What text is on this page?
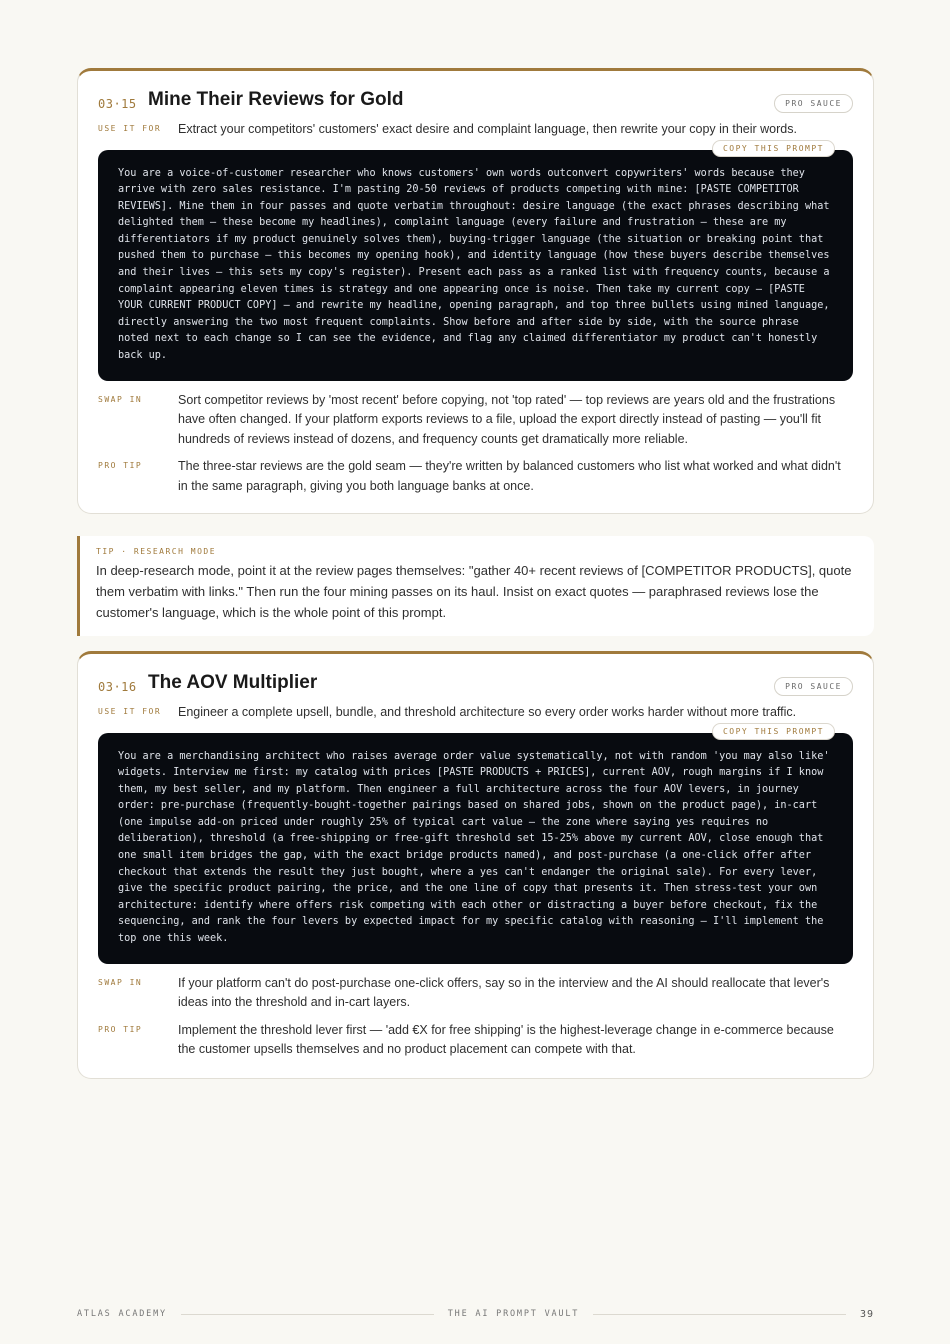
03·15 Mine Their Reviews for Gold	PRO SAUCE
USE IT FOR	Extract your competitors' customers' exact desire and complaint language, then rewrite your copy in their words.
COPY THIS PROMPT
You are a voice-of-customer researcher who knows customers' own words outconvert copywriters' words because they arrive with zero sales resistance. I'm pasting 20-50 reviews of products competing with mine: [PASTE COMPETITOR REVIEWS]. Mine them in four passes and quote verbatim throughout: desire language (the exact phrases describing what delighted them — these become my headlines), complaint language (every failure and frustration — these are my differentiators if my product genuinely solves them), buying-trigger language (the situation or breaking point that pushed them to purchase — this becomes my opening hook), and identity language (how these buyers describe themselves and their lives — this sets my copy's register). Present each pass as a ranked list with frequency counts, because a complaint appearing eleven times is strategy and one appearing once is noise. Then take my current copy — [PASTE YOUR CURRENT PRODUCT COPY] — and rewrite my headline, opening paragraph, and top three bullets using mined language, directly answering the two most frequent complaints. Show before and after side by side, with the source phrase noted next to each change so I can see the evidence, and flag any claimed differentiator my product can't honestly back up.
SWAP IN	Sort competitor reviews by 'most recent' before copying, not 'top rated' — top reviews are years old and the frustrations have often changed. If your platform exports reviews to a file, upload the export directly instead of pasting — you'll fit hundreds of reviews instead of dozens, and frequency counts get dramatically more reliable.
PRO TIP	The three-star reviews are the gold seam — they're written by balanced customers who list what worked and what didn't in the same paragraph, giving you both language banks at once.
TIP · RESEARCH MODE
In deep-research mode, point it at the review pages themselves: "gather 40+ recent reviews of [COMPETITOR PRODUCTS], quote them verbatim with links." Then run the four mining passes on its haul. Insist on exact quotes — paraphrased reviews lose the customer's language, which is the whole point of this prompt.
03·16 The AOV Multiplier	PRO SAUCE
USE IT FOR	Engineer a complete upsell, bundle, and threshold architecture so every order works harder without more traffic.
COPY THIS PROMPT
You are a merchandising architect who raises average order value systematically, not with random 'you may also like' widgets. Interview me first: my catalog with prices [PASTE PRODUCTS + PRICES], current AOV, rough margins if I know them, my best seller, and my platform. Then engineer a full architecture across the four AOV levers, in journey order: pre-purchase (frequently-bought-together pairings based on shared jobs, shown on the product page), in-cart (one impulse add-on priced under roughly 25% of typical cart value — the zone where saying yes requires no deliberation), threshold (a free-shipping or free-gift threshold set 15-25% above my current AOV, close enough that one small item bridges the gap, with the exact bridge products named), and post-purchase (a one-click offer after checkout that extends the result they just bought, where a yes can't endanger the original sale). For every lever, give the specific product pairing, the price, and the one line of copy that presents it. Then stress-test your own architecture: identify where offers risk competing with each other or distracting a buyer before checkout, fix the sequencing, and rank the four levers by expected impact for my specific catalog with reasoning — I'll implement the top one this week.
SWAP IN	If your platform can't do post-purchase one-click offers, say so in the interview and the AI should reallocate that lever's ideas into the threshold and in-cart layers.
PRO TIP	Implement the threshold lever first — 'add €X for free shipping' is the highest-leverage change in e-commerce because the customer upsells themselves and no product placement can compete with that.
ATLAS ACADEMY	THE AI PROMPT VAULT	39
